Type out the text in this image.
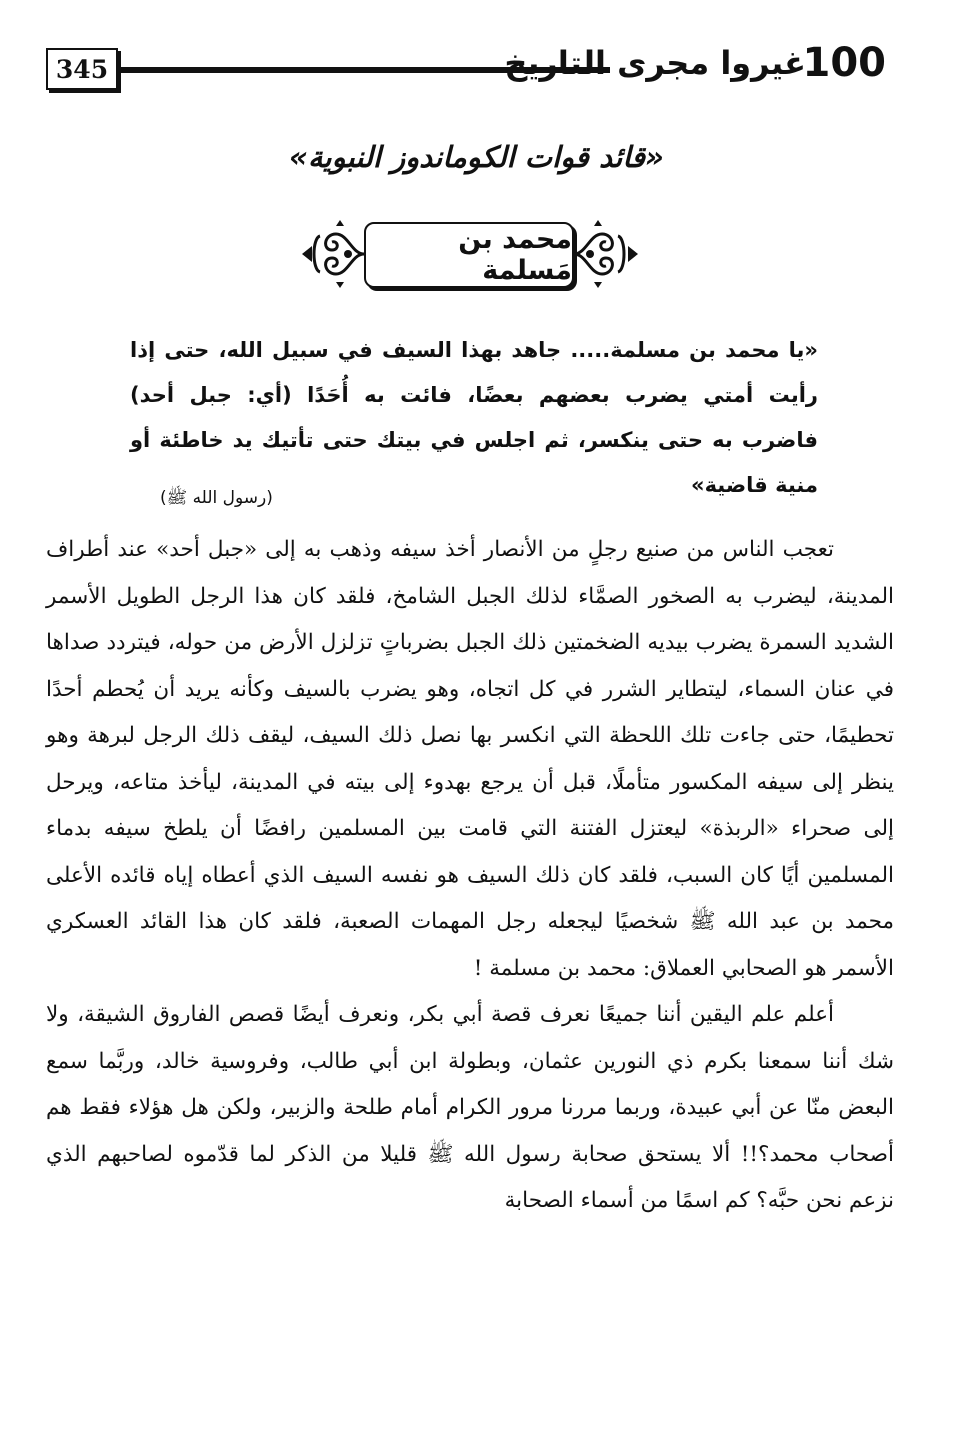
345	غيروا مجرى التاريخ
100
«قائد قوات الكوماندوز النبوية»
محمد بن مَسلمة
«يا محمد بن مسلمة..... جاهد بهذا السيف في سبيل الله، حتى إذا رأيت أمتي يضرب بعضهم بعضًا، فائت به أُحَدًا (أي: جبل أحد) فاضرب به حتى ينكسر، ثم اجلس في بيتك حتى تأتيك يد خاطئة أو منية قاضية»
(رسول الله ﷺ)

تعجب الناس من صنيع رجلٍ من الأنصار أخذ سيفه وذهب به إلى «جبل أحد» عند أطراف المدينة، ليضرب به الصخور الصمَّاء لذلك الجبل الشامخ، فلقد كان هذا الرجل الطويل الأسمر الشديد السمرة يضرب بيديه الضخمتين ذلك الجبل بضرباتٍ تزلزل الأرض من حوله، فيتردد صداها في عنان السماء، ليتطاير الشرر في كل اتجاه، وهو يضرب بالسيف وكأنه يريد أن يُحطم أحدًا تحطيمًا، حتى جاءت تلك اللحظة التي انكسر بها نصل ذلك السيف، ليقف ذلك الرجل لبرهة وهو ينظر إلى سيفه المكسور متأملًا، قبل أن يرجع بهدوء إلى بيته في المدينة، ليأخذ متاعه، ويرحل إلى صحراء «الربذة» ليعتزل الفتنة التي قامت بين المسلمين رافضًا أن يلطخ سيفه بدماء المسلمين أيًا كان السبب، فلقد كان ذلك السيف هو نفسه السيف الذي أعطاه إياه قائده الأعلى محمد بن عبد الله ﷺ شخصيًا ليجعله رجل المهمات الصعبة، فلقد كان هذا القائد العسكري الأسمر هو الصحابي العملاق: محمد بن مسلمة !

أعلم علم اليقين أننا جميعًا نعرف قصة أبي بكر، ونعرف أيضًا قصص الفاروق الشيقة، ولا شك أننا سمعنا بكرم ذي النورين عثمان، وبطولة ابن أبي طالب، وفروسية خالد، وربَّما سمع البعض منّا عن أبي عبيدة، وربما مررنا مرور الكرام أمام طلحة والزبير، ولكن هل هؤلاء فقط هم أصحاب محمد؟!! ألا يستحق صحابة رسول الله ﷺ قليلا من الذكر لما قدّموه لصاحبهم الذي نزعم نحن حبَّه؟ كم اسمًا من أسماء الصحابة
